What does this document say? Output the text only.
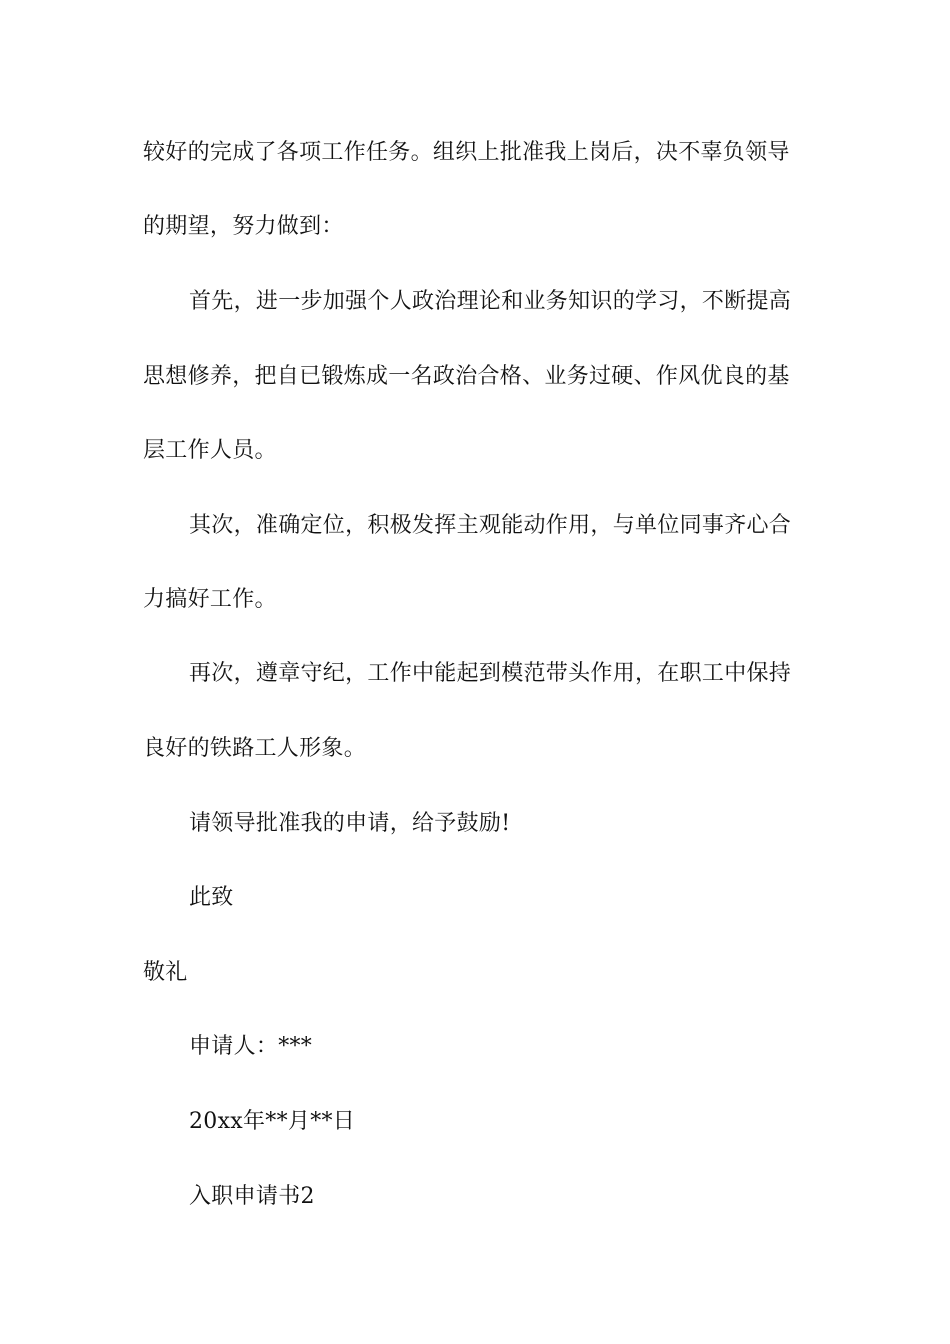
较好的完成了各项工作任务。组织上批准我上岗后，决不辜负领导
的期望，努力做到：
首先，进一步加强个人政治理论和业务知识的学习，不断提高
思想修养，把自已锻炼成一名政治合格、业务过硬、作风优良的基
层工作人员。
其次，准确定位，积极发挥主观能动作用，与单位同事齐心合
力搞好工作。
再次，遵章守纪，工作中能起到模范带头作用，在职工中保持
良好的铁路工人形象。
请领导批准我的申请，给予鼓励!
此致
敬礼
申请人：***
20xx年**月**日
入职申请书2
